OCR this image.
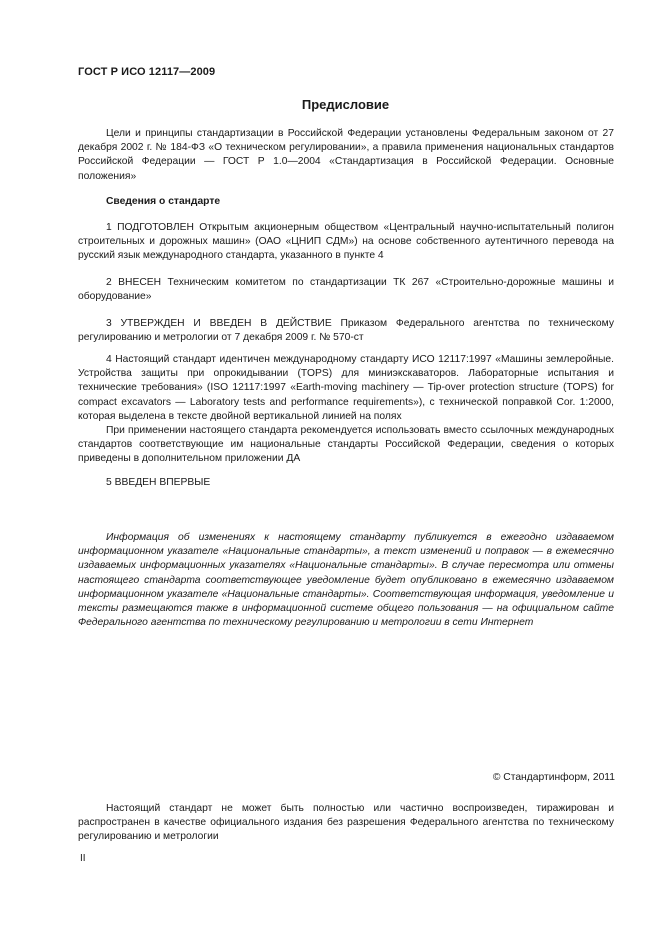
ГОСТ Р ИСО 12117—2009
Предисловие
Цели и принципы стандартизации в Российской Федерации установлены Федеральным законом от 27 декабря 2002 г. № 184-ФЗ «О техническом регулировании», а правила применения национальных стандартов Российской Федерации — ГОСТ Р 1.0—2004 «Стандартизация в Российской Федерации. Основные положения»
Сведения о стандарте
1 ПОДГОТОВЛЕН Открытым акционерным обществом «Центральный научно-испытательный полигон строительных и дорожных машин» (ОАО «ЦНИП СДМ») на основе собственного аутентичного перевода на русский язык международного стандарта, указанного в пункте 4
2 ВНЕСЕН Техническим комитетом по стандартизации ТК 267 «Строительно-дорожные машины и оборудование»
3 УТВЕРЖДЕН И ВВЕДЕН В ДЕЙСТВИЕ Приказом Федерального агентства по техническому регулированию и метрологии от 7 декабря 2009 г. № 570-ст
4 Настоящий стандарт идентичен международному стандарту ИСО 12117:1997 «Машины землеройные. Устройства защиты при опрокидывании (TOPS) для миниэкскаваторов. Лабораторные испытания и технические требования» (ISO 12117:1997 «Earth-moving machinery — Tip-over protection structure (TOPS) for compact excavators — Laboratory tests and performance requirements»), с технической поправкой Cor. 1:2000, которая выделена в тексте двойной вертикальной линией на полях
При применении настоящего стандарта рекомендуется использовать вместо ссылочных международных стандартов соответствующие им национальные стандарты Российской Федерации, сведения о которых приведены в дополнительном приложении ДА
5 ВВЕДЕН ВПЕРВЫЕ
Информация об изменениях к настоящему стандарту публикуется в ежегодно издаваемом информационном указателе «Национальные стандарты», а текст изменений и поправок — в ежемесячно издаваемых информационных указателях «Национальные стандарты». В случае пересмотра или отмены настоящего стандарта соответствующее уведомление будет опубликовано в ежемесячно издаваемом информационном указателе «Национальные стандарты». Соответствующая информация, уведомление и тексты размещаются также в информационной системе общего пользования — на официальном сайте Федерального агентства по техническому регулированию и метрологии в сети Интернет
© Стандартинформ, 2011
Настоящий стандарт не может быть полностью или частично воспроизведен, тиражирован и распространен в качестве официального издания без разрешения Федерального агентства по техническому регулированию и метрологии
II
